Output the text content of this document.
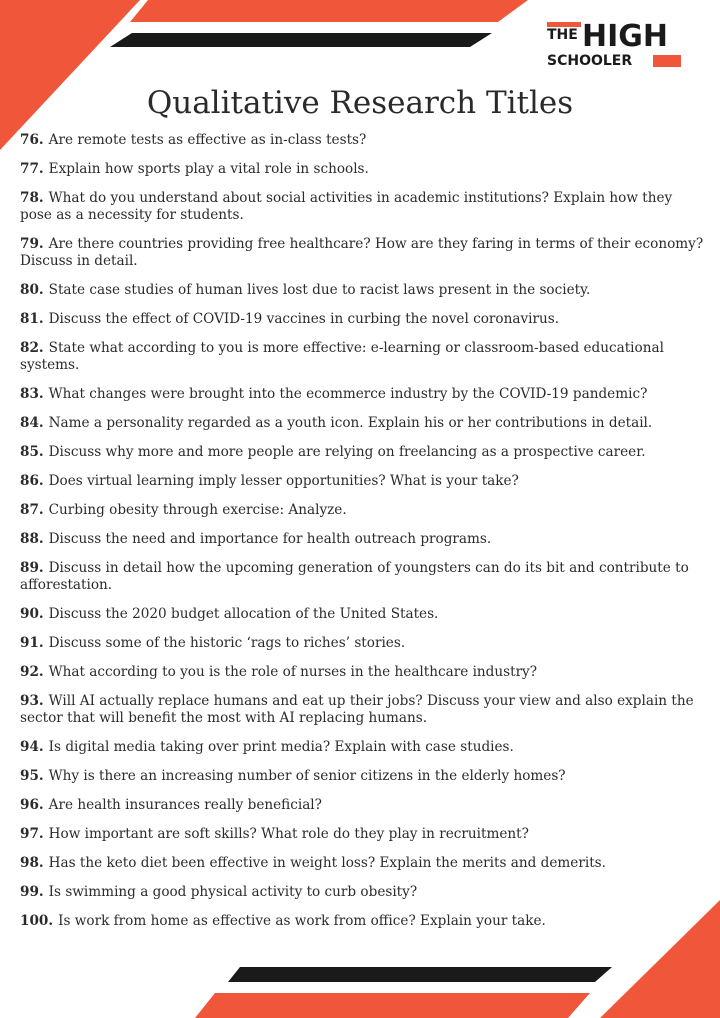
THE HIGH
SCHOOLER
Qualitative Research Titles
76. Are remote tests as effective as in-class tests?
77. Explain how sports play a vital role in schools.
78. What do you understand about social activities in academic institutions? Explain how they pose as a necessity for students.
79. Are there countries providing free healthcare? How are they faring in terms of their economy? Discuss in detail.
80. State case studies of human lives lost due to racist laws present in the society.
81. Discuss the effect of COVID-19 vaccines in curbing the novel coronavirus.
82. State what according to you is more effective: e-learning or classroom-based educational systems.
83. What changes were brought into the ecommerce industry by the COVID-19 pandemic?
84. Name a personality regarded as a youth icon. Explain his or her contributions in detail.
85. Discuss why more and more people are relying on freelancing as a prospective career.
86. Does virtual learning imply lesser opportunities? What is your take?
87. Curbing obesity through exercise: Analyze.
88. Discuss the need and importance for health outreach programs.
89. Discuss in detail how the upcoming generation of youngsters can do its bit and contribute to afforestation.
90. Discuss the 2020 budget allocation of the United States.
91. Discuss some of the historic ‘rags to riches’ stories.
92. What according to you is the role of nurses in the healthcare industry?
93. Will AI actually replace humans and eat up their jobs? Discuss your view and also explain the sector that will benefit the most with AI replacing humans.
94. Is digital media taking over print media? Explain with case studies.
95. Why is there an increasing number of senior citizens in the elderly homes?
96. Are health insurances really beneficial?
97. How important are soft skills? What role do they play in recruitment?
98. Has the keto diet been effective in weight loss? Explain the merits and demerits.
99. Is swimming a good physical activity to curb obesity?
100. Is work from home as effective as work from office? Explain your take.
